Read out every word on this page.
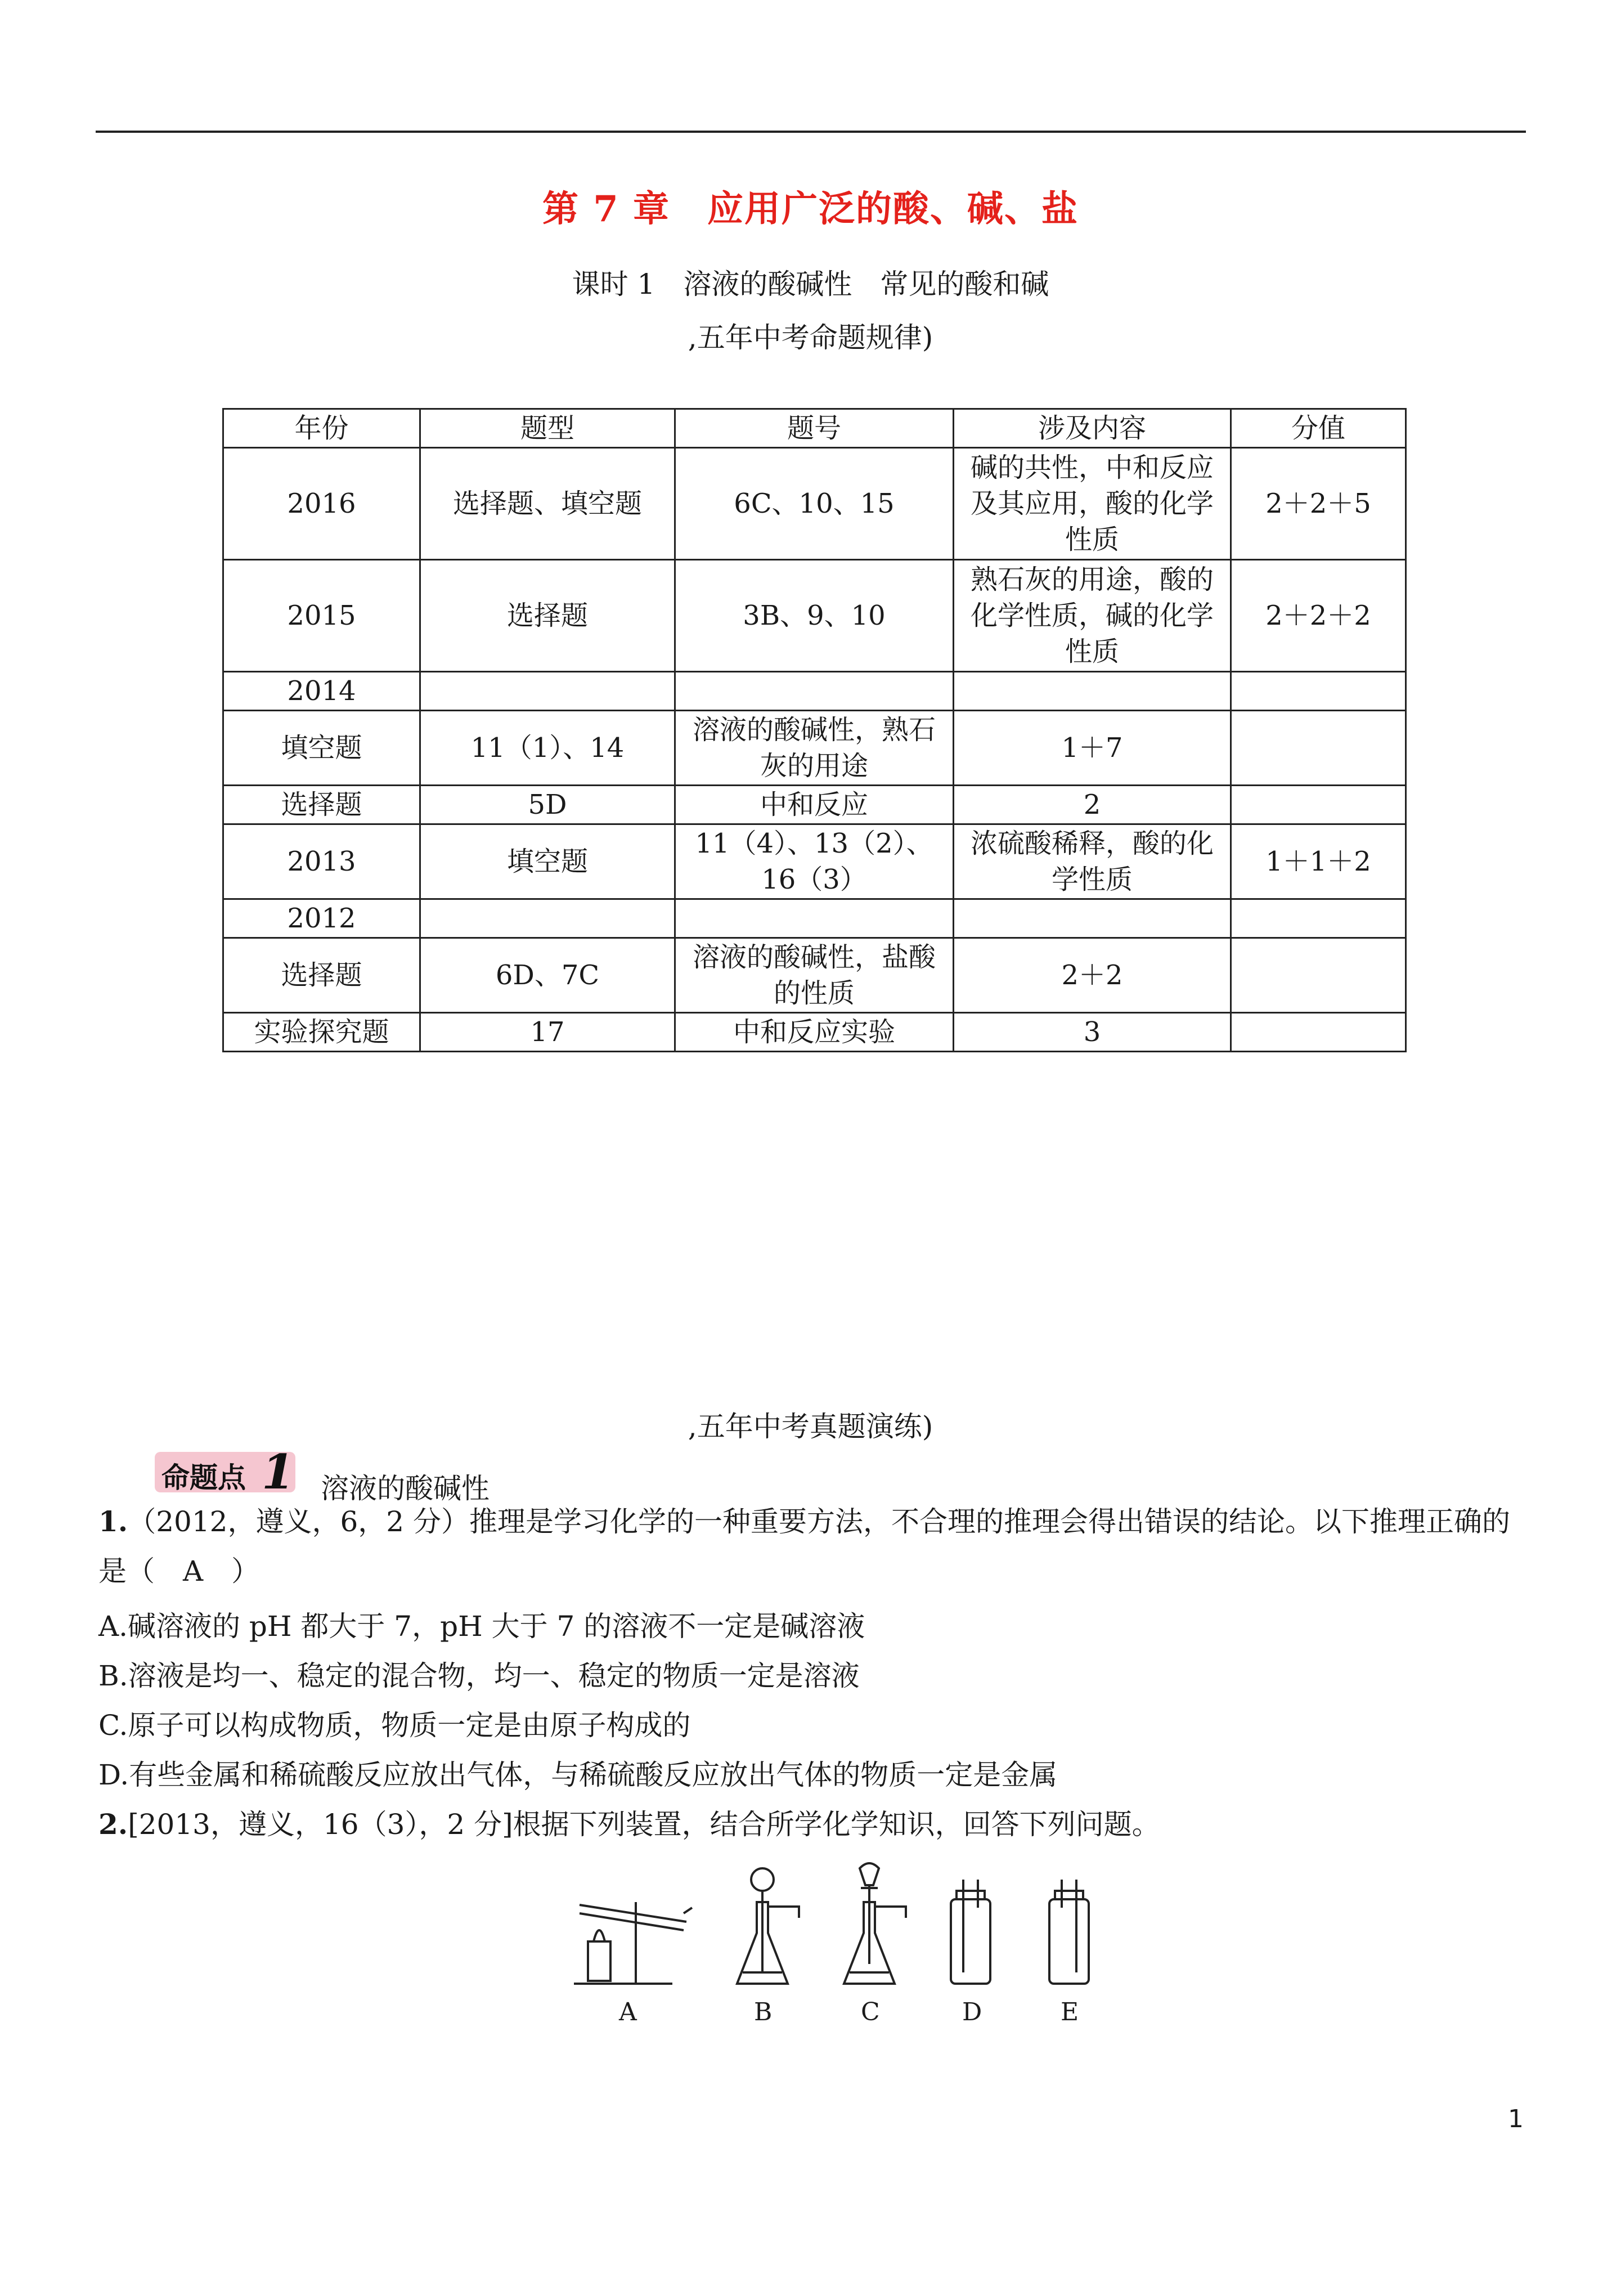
第 7 章　应用广泛的酸、碱、盐
课时 1　溶液的酸碱性　常见的酸和碱
,五年中考命题规律)
年份	题型	题号	涉及内容	分值
2016	选择题、填空题	6C、10、15	碱的共性，中和反应及其应用，酸的化学性质	2＋2＋5
2015	选择题	3B、9、10	熟石灰的用途，酸的化学性质，碱的化学性质	2＋2＋2
2014				
填空题	11（1）、14	溶液的酸碱性，熟石灰的用途	1＋7	
选择题	5D	中和反应	2	
2013	填空题	11（4）、13（2）、16（3）	浓硫酸稀释，酸的化学性质	1＋1＋2
2012				
选择题	6D、7C	溶液的酸碱性，盐酸的性质	2＋2	
实验探究题	17	中和反应实验	3	
,五年中考真题演练)
命题点 1 溶液的酸碱性
1.（2012，遵义，6，2 分）推理是学习化学的一种重要方法，不合理的推理会得出错误的结论。以下推理正确的是（　A　）
A.碱溶液的 pH 都大于 7，pH 大于 7 的溶液不一定是碱溶液
B.溶液是均一、稳定的混合物，均一、稳定的物质一定是溶液
C.原子可以构成物质，物质一定是由原子构成的
D.有些金属和稀硫酸反应放出气体，与稀硫酸反应放出气体的物质一定是金属
2.[2013，遵义，16（3），2 分]根据下列装置，结合所学化学知识，回答下列问题。
A	B	C	D	E
1
